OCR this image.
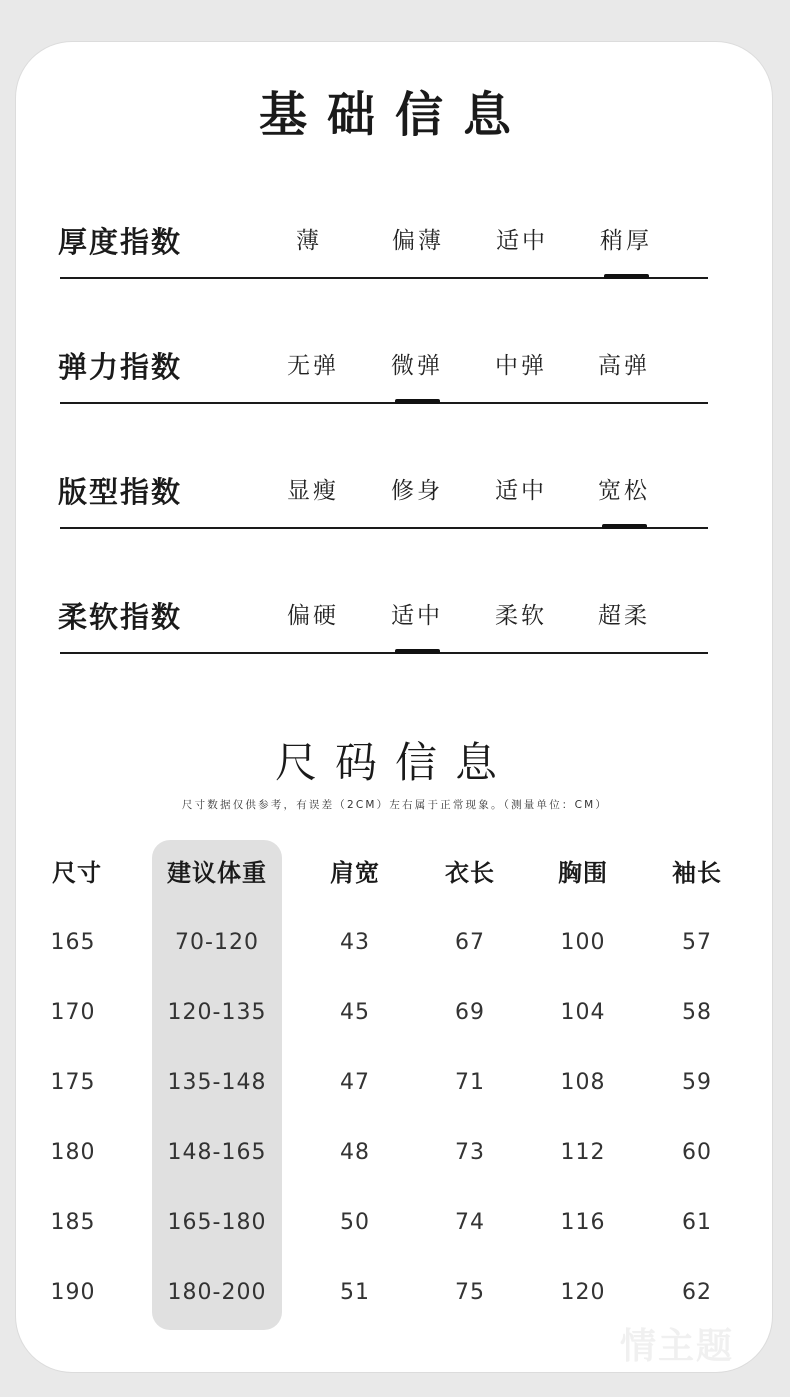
基础信息
厚度指数	薄	偏薄	适中	稍厚
弹力指数	无弹	微弹	中弹	高弹
版型指数	显瘦	修身	适中	宽松
柔软指数	偏硬	适中	柔软	超柔
尺码信息
尺寸数据仅供参考，有误差（2CM）左右属于正常现象。（测量单位：CM）
尺寸	建议体重	肩宽	衣长	胸围	袖长
165	70-120	43	67	100	57
170	120-135	45	69	104	58
175	135-148	47	71	108	59
180	148-165	48	73	112	60
185	165-180	50	74	116	61
190	180-200	51	75	120	62
情主题
